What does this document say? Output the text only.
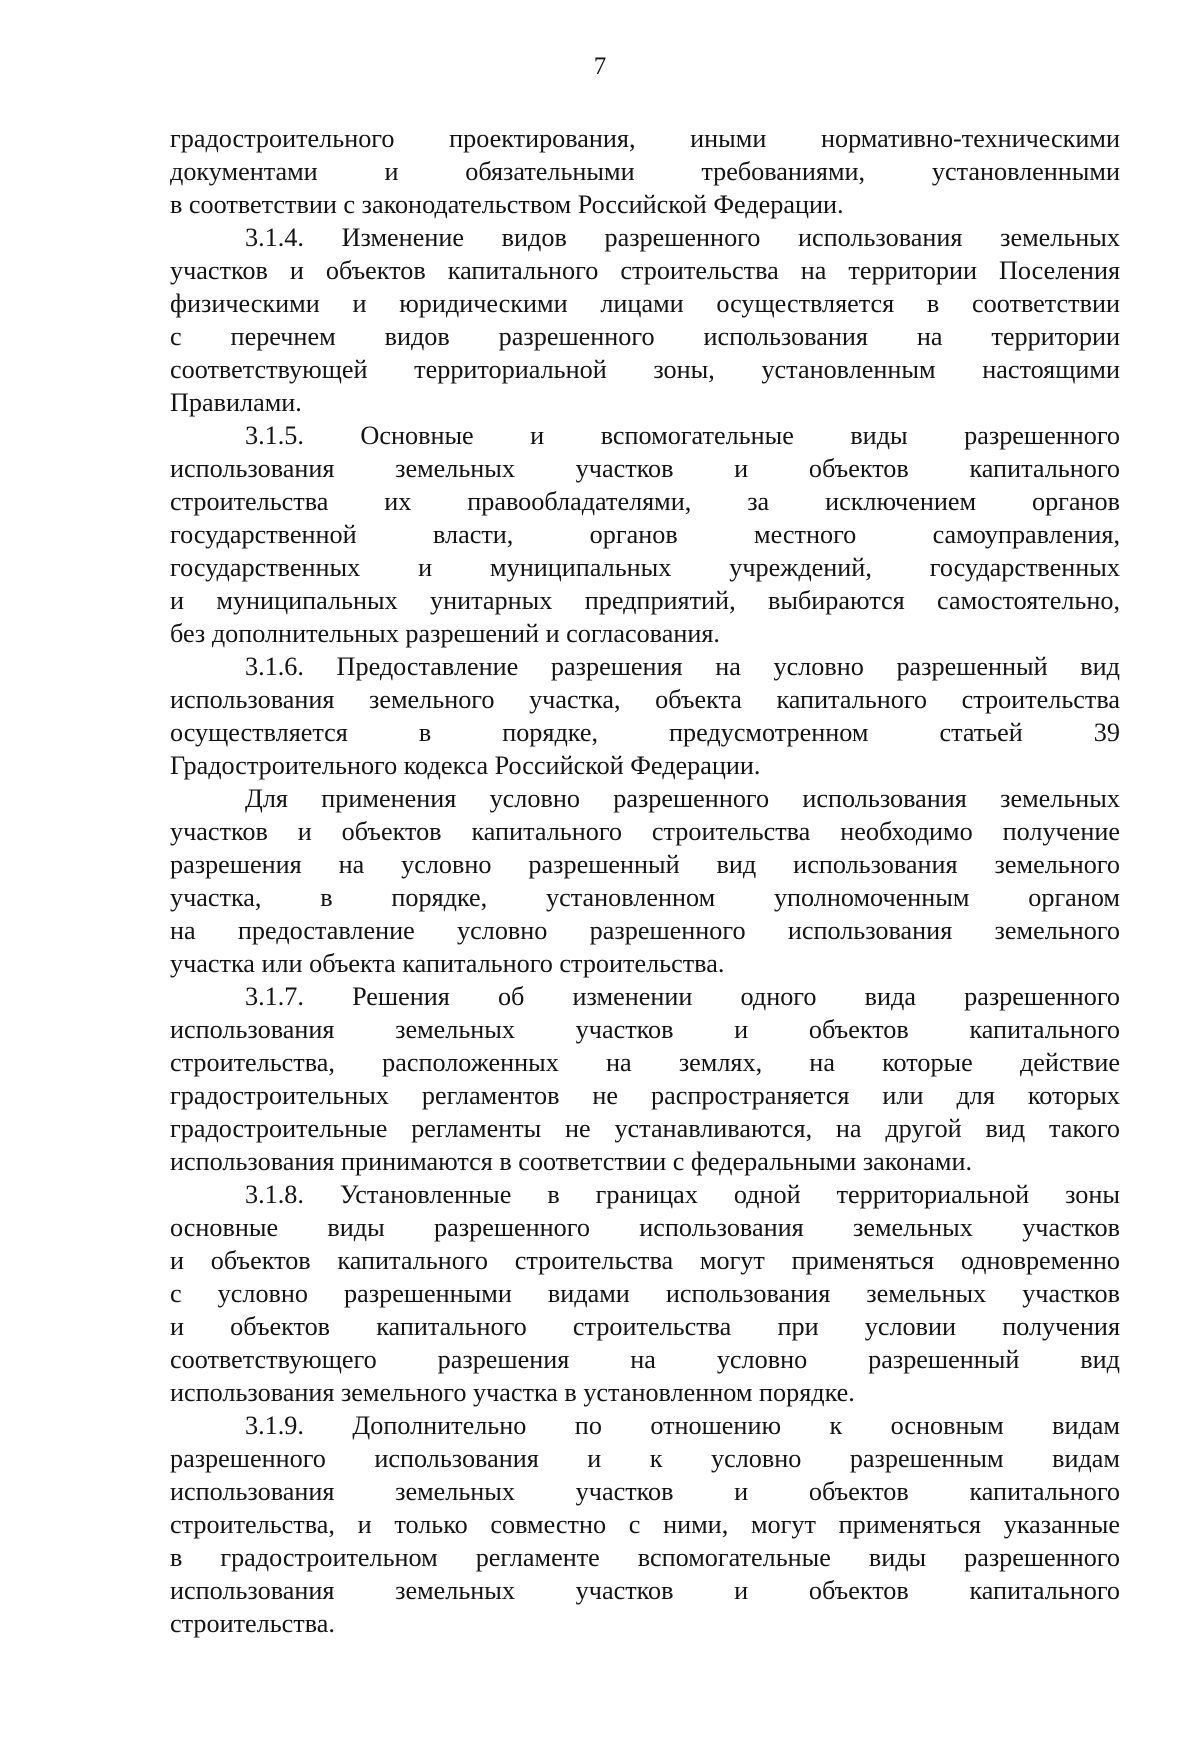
7
градостроительного проектирования, иными нормативно-техническими
документами и обязательными требованиями, установленными
в соответствии с законодательством Российской Федерации.
3.1.4. Изменение видов разрешенного использования земельных
участков и объектов капитального строительства на территории Поселения
физическими и юридическими лицами осуществляется в соответствии
с перечнем видов разрешенного использования на территории
соответствующей территориальной зоны, установленным настоящими
Правилами.
3.1.5. Основные и вспомогательные виды разрешенного
использования земельных участков и объектов капитального
строительства их правообладателями, за исключением органов
государственной власти, органов местного самоуправления,
государственных и муниципальных учреждений, государственных
и муниципальных унитарных предприятий, выбираются самостоятельно,
без дополнительных разрешений и согласования.
3.1.6. Предоставление разрешения на условно разрешенный вид
использования земельного участка, объекта капитального строительства
осуществляется в порядке, предусмотренном статьей 39
Градостроительного кодекса Российской Федерации.
Для применения условно разрешенного использования земельных
участков и объектов капитального строительства необходимо получение
разрешения на условно разрешенный вид использования земельного
участка, в порядке, установленном уполномоченным органом
на предоставление условно разрешенного использования земельного
участка или объекта капитального строительства.
3.1.7. Решения об изменении одного вида разрешенного
использования земельных участков и объектов капитального
строительства, расположенных на землях, на которые действие
градостроительных регламентов не распространяется или для которых
градостроительные регламенты не устанавливаются, на другой вид такого
использования принимаются в соответствии с федеральными законами.
3.1.8. Установленные в границах одной территориальной зоны
основные виды разрешенного использования земельных участков
и объектов капитального строительства могут применяться одновременно
с условно разрешенными видами использования земельных участков
и объектов капитального строительства при условии получения
соответствующего разрешения на условно разрешенный вид
использования земельного участка в установленном порядке.
3.1.9. Дополнительно по отношению к основным видам
разрешенного использования и к условно разрешенным видам
использования земельных участков и объектов капитального
строительства, и только совместно с ними, могут применяться указанные
в градостроительном регламенте вспомогательные виды разрешенного
использования земельных участков и объектов капитального
строительства.
